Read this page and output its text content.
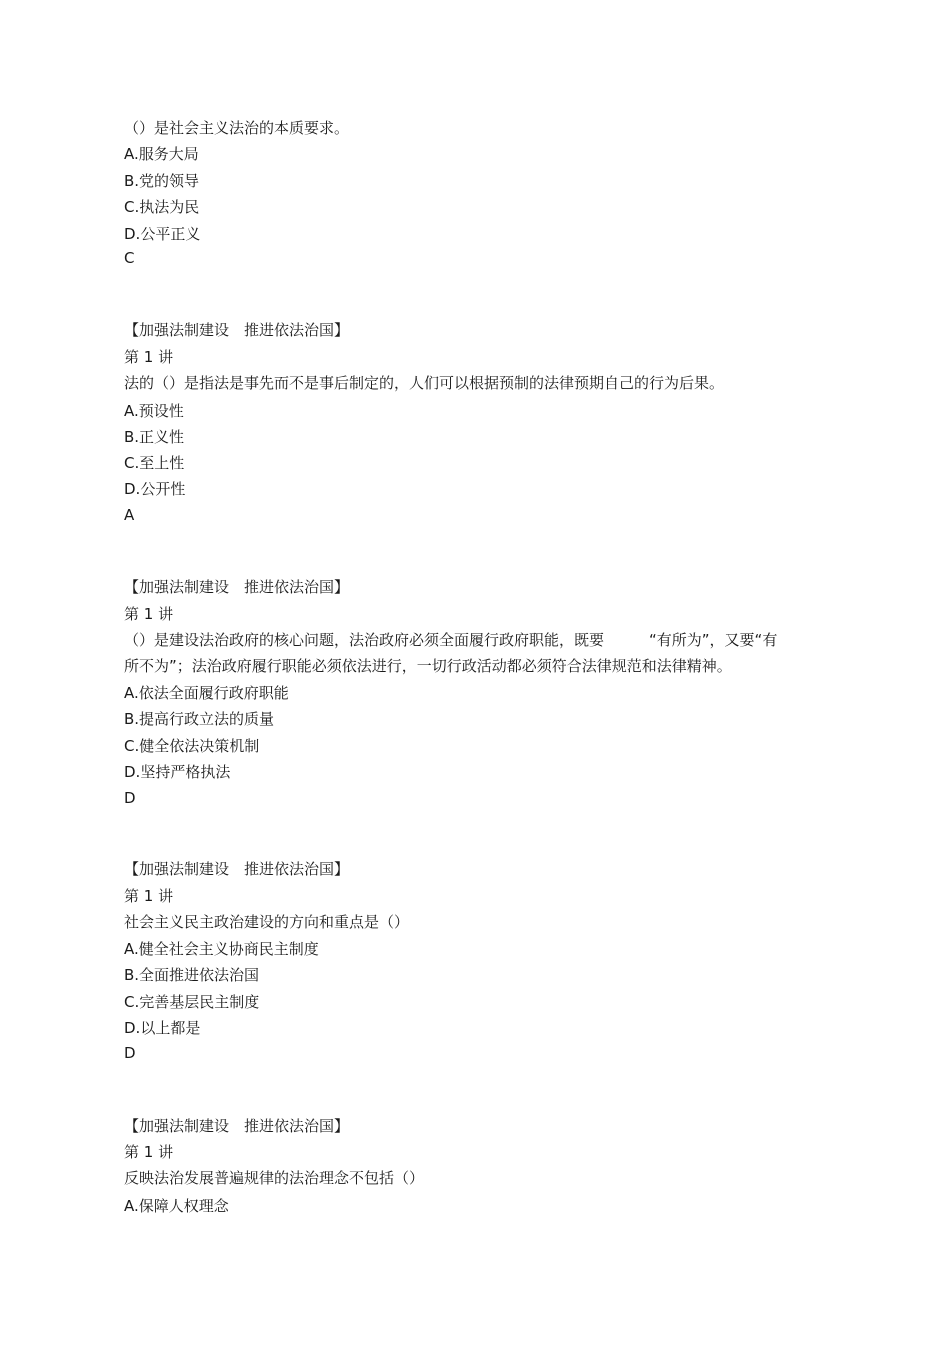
（）是社会主义法治的本质要求。
A.服务大局
B.党的领导
C.执法为民
D.公平正义
C
【加强法制建设　推进依法治国】
第 1 讲
法的（）是指法是事先而不是事后制定的，人们可以根据预制的法律预期自己的行为后果。
A.预设性
B.正义性
C.至上性
D.公开性
A
【加强法制建设　推进依法治国】
第 1 讲
（）是建设法治政府的核心问题，法治政府必须全面履行政府职能，既要　　　“有所为”，又要“有
所不为”；法治政府履行职能必须依法进行，一切行政活动都必须符合法律规范和法律精神。
A.依法全面履行政府职能
B.提高行政立法的质量
C.健全依法决策机制
D.坚持严格执法
D
【加强法制建设　推进依法治国】
第 1 讲
社会主义民主政治建设的方向和重点是（）
A.健全社会主义协商民主制度
B.全面推进依法治国
C.完善基层民主制度
D.以上都是
D
【加强法制建设　推进依法治国】
第 1 讲
反映法治发展普遍规律的法治理念不包括（）
A.保障人权理念
